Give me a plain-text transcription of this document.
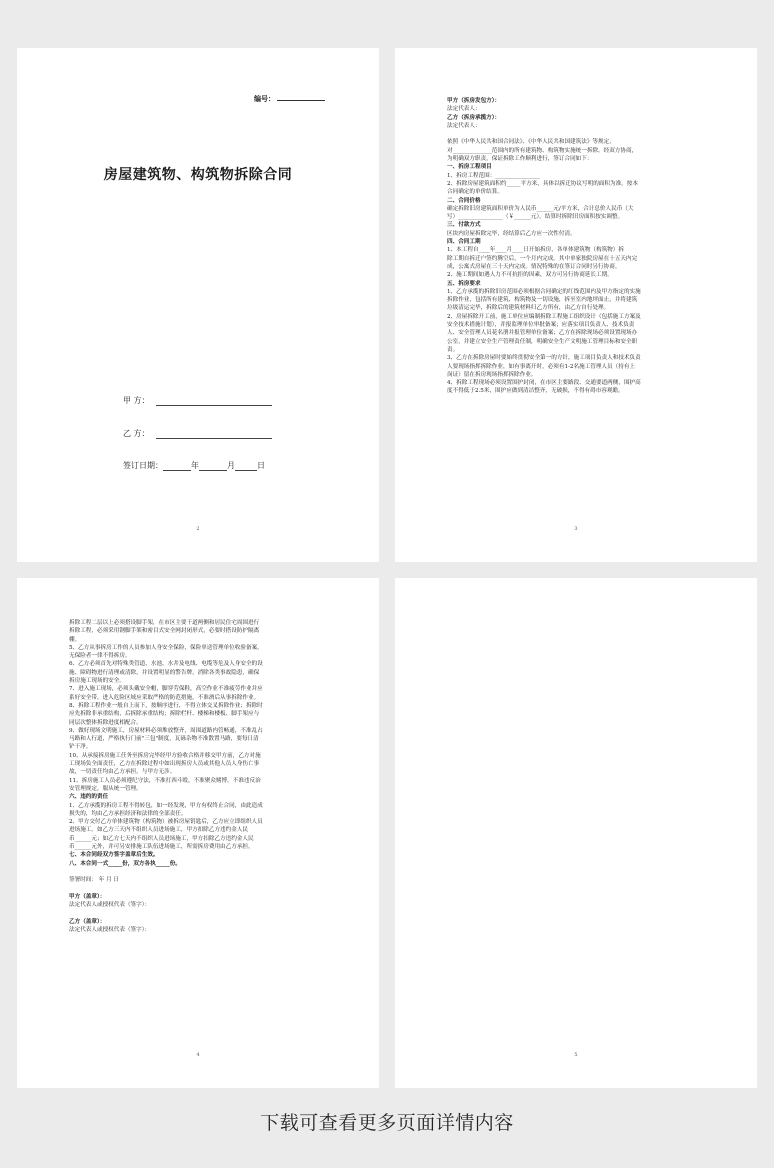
编号：
房屋建筑物、构筑物拆除合同
甲 方：
乙 方：
签订日期：	年	月	日
2

甲方（拆房发包方）：

法定代表人：

乙方（拆房承揽方）：

法定代表人：

依照《中华人民共和国合同法》、《中华人民共和国建筑法》等规定，

对______________范围内的所有建筑物、构筑物实施统一拆除。经双方协商，

为明确双方职责，保证拆除工作顺利进行，签订合同如下：

一、拆房工程项目

1、拆房工程范围：________________

2、拆除房屋建筑面积约_____平方米，具体以拆迁协议写明的面积为准，按本

合同确定的单价结算。

二、合同价格

确定拆除旧房建筑面积单价为人民币______元/平方米，合计总价人民币（大

写）________________（￥______元）。结算时拆除旧房面积按实调整。

三、付款方式

区块内房屋拆除完毕，经结算后乙方应一次性付清。

四、合同工期

1、本工程自____年____月____日开始拆房，各单体建筑物（构筑物）拆

除工期自拆迁户签约腾空后，一个月内完成。其中单家独院房屋在十五天内完

成，公寓式房屋在三十天内完成。情况特殊的在签订合同时另行协商。

2、施工期间如遇人力不可抗拒的因素，双方可另行协商延长工期。

五、拆房要求

1、乙方承揽的拆除旧房范围必须根据合同确定的红线范围内及甲方指定的实施

拆除作业，包括所有建筑、构筑物及一切设施，拆至室内地坪面止，并将建筑

垃圾清运完毕，拆除后的建筑材料归乙方所有，由乙方自行处理。

2、房屋拆除开工前，施工单位应编制拆除工程施工组织设计（包括施工方案及

安全技术措施计划），并报监理单位审批备案；应落实项目负责人、技术负责

人、安全管理人员花名册并报管理单位备案；乙方在拆除现场必须设置现场办

公室，并建立安全生产管理责任制，明确安全生产文明施工管理目标和安全职

责。

3、乙方在拆除房屋时要始终贯彻安全第一的方针，施工项目负责人和技术负责

人要现场指挥拆除作业，如有事离开时，必须有1-2名施工管理人员（持有上

岗证）留在拆房现场指挥拆除作业。

4、拆除工程现场必须设置围护封闭，在市区主要路段、交通要道两侧，围护高

度不得低于2.5米，围护应做到清洁整齐，无破损，不得有碍市容观瞻。

3

拆除工程二层以上必须搭设脚手架，在市区主要干道两侧和居民住宅周围进行

拆除工程，必须采用钢脚手架和密目式安全网封闭形式，必要时搭设防护隔离

棚。

5、乙方从事拆房工作的人员参加人身安全保险，保险单送管理单位收验备案，

无保险者一律不得拆房。

6、乙方必须首先对特殊类管道、水池、水井及电线、电缆等危及人身安全的设

施、障碍物进行清理或清除，并设置明显的警告牌，消除各类事故隐患，确保

拆房施工现场的安全。

7、进入施工现场，必须头戴安全帽，脚穿劳保鞋，高空作业不准疲劳作业并应

系好安全带，进入危险区域应采取严格的防范措施，不准酒后从事拆除作业。

8、拆除工程作业一般自上而下，按顺序进行，不得立体交叉拆除作业；拆除时

应先拆除非承重结构，后拆除承重结构；拆除栏杆、楼梯和楼板、脚手架应与

同层次整体拆除进度相配合。

9、做好现场文明施工，房屋材料必须堆放整齐，周围道路内管畅通，不准乱占

马路和人行道，严格执行门前"三包"制度，瓦砾杂物不准散置马路，要每日清

铲干净。

10、从承接拆房施工任务至拆房完毕经甲方验收合格并移交甲方前，乙方对施

工现场负全面责任，乙方在拆除过程中如出现拆房人员或其他人员人身伤亡事

故，一切责任均由乙方承担，与甲方无涉。

11、拆房施工人员必须遵纪守法，不准打西斗殴，不准聚众赌博，不准违反治

安管理规定，服从统一管理。

六、违约的责任

1、乙方承揽的拆房工程不得转包，如一经发现，甲方有权终止合同，由此造成

损失的，均由乙方承担经济和法律的全部责任。

2、甲方交付乙方单体建筑物（构筑物）被拆房屋钥匙后，乙方应立即组织人员

进场施工。如乙方三天内不组织人员进场施工，甲方扣除乙方违约金人民

币______元；如乙方七天内不组织人员进场施工，甲方扣除乙方违约金人民

币______元外，并可另安排施工队伍进场施工，所需拆房费用由乙方承担。

七、本合同经双方签字盖章后生效。

八、本合同一式_____份，双方各执_____份。

签署时间： 年 月 日

甲方（盖章）：

法定代表人或授权代表（签字）：

乙方（盖章）：

法定代表人或授权代表（签字）：

4	5
下载可查看更多页面详情内容
